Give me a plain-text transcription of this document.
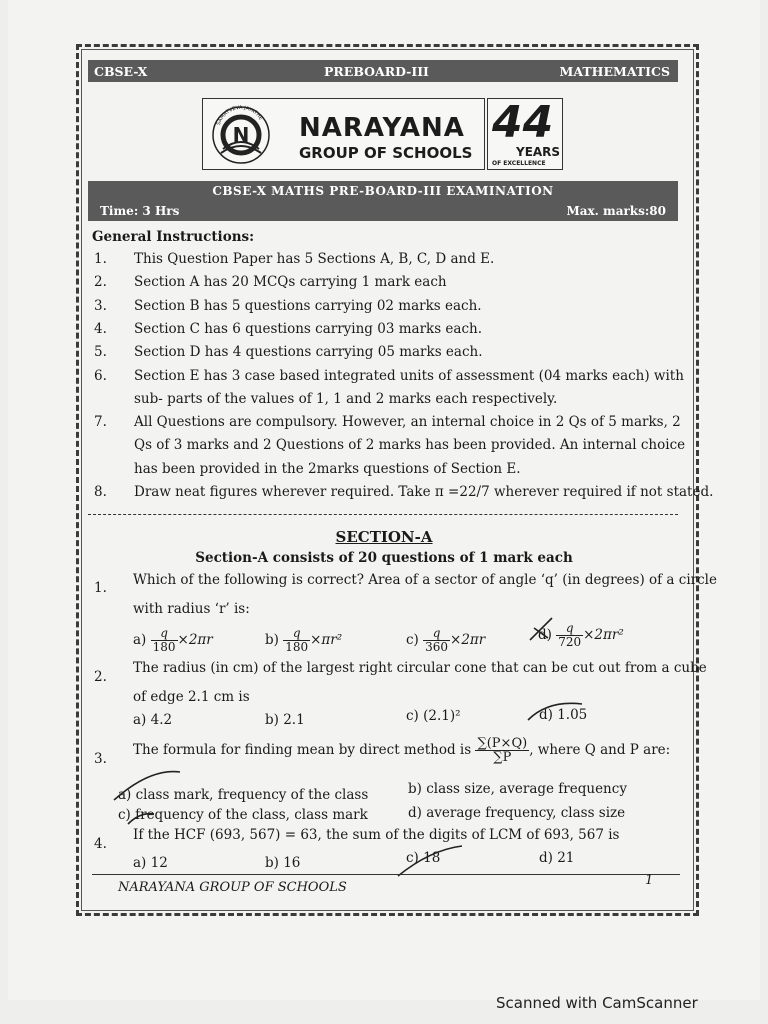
CBSE-X	PREBOARD-III	MATHEMATICS
N
SAMATVEVA JAYATHE NARAYANA
GROUP OF SCHOOLS
44
YEARS
OF EXCELLENCE
CBSE-X MATHS PRE-BOARD-III EXAMINATION
Time: 3 Hrs	Max. marks:80
General Instructions:
1. This Question Paper has 5 Sections A, B, C, D and E.
2. Section A has 20 MCQs carrying 1 mark each
3. Section B has 5 questions carrying 02 marks each.
4. Section C has 6 questions carrying 03 marks each.
5. Section D has 4 questions carrying 05 marks each.
6. Section E has 3 case based integrated units of assessment (04 marks each) with
sub- parts of the values of 1, 1 and 2 marks each respectively.
7. All Questions are compulsory. However, an internal choice in 2 Qs of 5 marks, 2
Qs of 3 marks and 2 Questions of 2 marks has been provided. An internal choice
has been provided in the 2marks questions of Section E.
8. Draw neat figures wherever required. Take π =22/7 wherever required if not stated.
SECTION-A
Section-A consists of 20 questions of 1 mark each
1. Which of the following is correct? Area of a sector of angle ‘q’ (in degrees) of a circle
with radius ‘r’ is:
$a) \frac{q}{180} \times 2\pi r$	$b) \frac{q}{180} \times\pi r^2$	$c) \frac{q}{360} \times 2\pi r$	$d) \frac{q}{720} \times 2\pi r^2$
2.
The radius (in cm) of the largest right circular cone that can be cut out from a cube
of edge 2.1 cm is
a) 4.2	b) 2.1	c) (2.1)²	d) 1.05
3.
The formula for finding mean by direct method is $\frac{\sum(P\times Q)}{\sum P}$ , where Q and P are:
a) class mark, frequency of the class	b) class size, average frequency
c) frequency of the class, class mark	d) average frequency, class size
4.
If the HCF (693, 567) = 63, the sum of the digits of LCM of 693, 567 is
a) 12	b) 16	c) 18	d) 21
NARAYANA GROUP OF SCHOOLS	1
Scanned with CamScanner
